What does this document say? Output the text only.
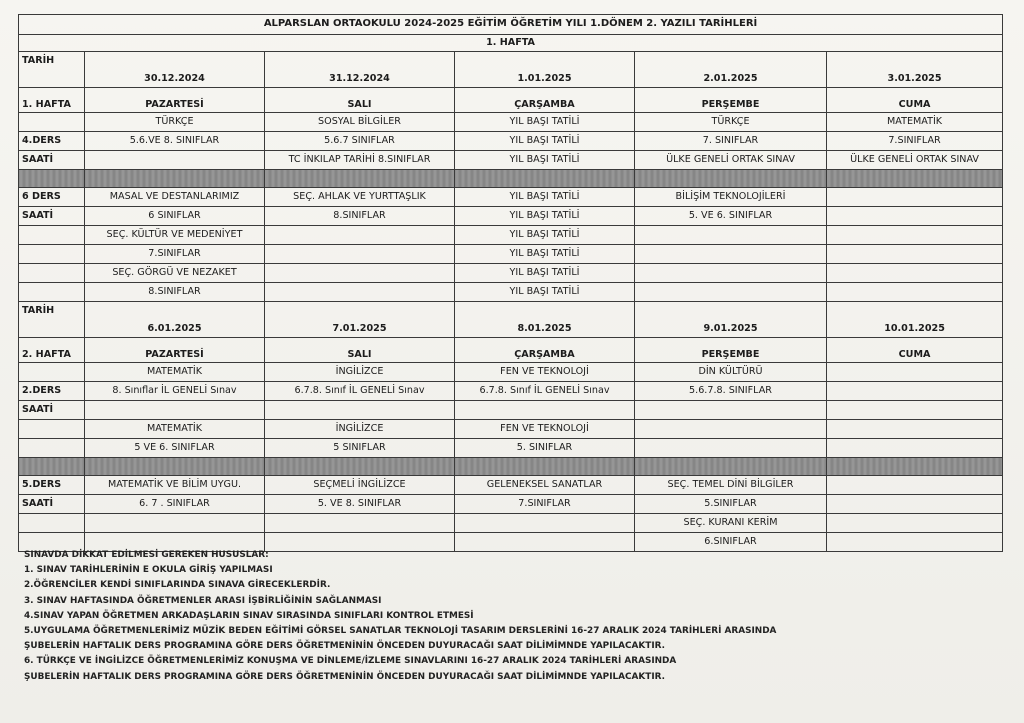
ALPARSLAN ORTAOKULU 2024-2025 EĞİTİM ÖĞRETİM YILI 1.DÖNEM 2. YAZILI TARİHLERİ					
1. HAFTA					
TARİH	30.12.2024	31.12.2024	1.01.2025	2.01.2025	3.01.2025
1. HAFTA	PAZARTESİ	SALI	ÇARŞAMBA	PERŞEMBE	CUMA
	TÜRKÇE	SOSYAL BİLGİLER	YIL BAŞI TATİLİ	TÜRKÇE	MATEMATİK
4.DERS	5.6.VE 8. SINIFLAR	5.6.7 SINIFLAR	YIL BAŞI TATİLİ	7. SINIFLAR	7.SINIFLAR
SAATİ		TC İNKILAP TARİHİ 8.SINIFLAR	YIL BAŞI TATİLİ	ÜLKE GENELİ ORTAK SINAV	ÜLKE GENELİ ORTAK SINAV

6 DERS	MASAL VE DESTANLARIMIZ	SEÇ. AHLAK VE YURTTAŞLIK	YIL BAŞI TATİLİ	BİLİŞİM TEKNOLOJİLERİ	
SAATİ	6 SINIFLAR	8.SINIFLAR	YIL BAŞI TATİLİ	5. VE 6. SINIFLAR	
	SEÇ. KÜLTÜR VE MEDENİYET		YIL BAŞI TATİLİ		
	7.SINIFLAR		YIL BAŞI TATİLİ		
	SEÇ. GÖRGÜ VE NEZAKET		YIL BAŞI TATİLİ		
	8.SINIFLAR		YIL BAŞI TATİLİ		
TARİH	6.01.2025	7.01.2025	8.01.2025	9.01.2025	10.01.2025
2. HAFTA	PAZARTESİ	SALI	ÇARŞAMBA	PERŞEMBE	CUMA
	MATEMATİK	İNGİLİZCE	FEN VE TEKNOLOJİ	DİN KÜLTÜRÜ	
2.DERS	8. Sınıflar İL GENELİ Sınav	6.7.8. Sınıf İL GENELİ Sınav	6.7.8. Sınıf İL GENELİ Sınav	5.6.7.8. SINIFLAR	
SAATİ					
	MATEMATİK	İNGİLİZCE	FEN VE TEKNOLOJİ		
	5 VE 6. SINIFLAR	5 SINIFLAR	5. SINIFLAR		

5.DERS	MATEMATİK VE BİLİM UYGU.	SEÇMELİ İNGİLİZCE	GELENEKSEL SANATLAR	SEÇ. TEMEL DİNİ BİLGİLER	
SAATİ	6. 7 . SINIFLAR	5. VE 8. SINIFLAR	7.SINIFLAR	5.SINIFLAR	
				SEÇ. KURANI KERİM	
				6.SINIFLAR	
SINAVDA DİKKAT EDİLMESİ GEREKEN HUSUSLAR:
1. SINAV TARİHLERİNİN E OKULA GİRİŞ YAPILMASI
2.ÖĞRENCİLER KENDİ SINIFLARINDA SINAVA GİRECEKLERDİR.
3. SINAV HAFTASINDA ÖĞRETMENLER ARASI İŞBİRLİĞİNİN SAĞLANMASI
4.SINAV YAPAN ÖĞRETMEN ARKADAŞLARIN SINAV SIRASINDA SINIFLARI KONTROL ETMESİ
5.UYGULAMA ÖĞRETMENLERİMİZ MÜZİK BEDEN EĞİTİMİ GÖRSEL SANATLAR TEKNOLOJİ TASARIM DERSLERİNİ 16-27 ARALIK 2024 TARİHLERİ ARASINDA
ŞUBELERİN HAFTALIK DERS PROGRAMINA GÖRE DERS ÖĞRETMENİNİN ÖNCEDEN DUYURACAĞI SAAT DİLİMİMNDE YAPILACAKTIR.
6. TÜRKÇE VE İNGİLİZCE ÖĞRETMENLERİMİZ KONUŞMA VE DİNLEME/İZLEME SINAVLARINI 16-27 ARALIK 2024 TARİHLERİ ARASINDA
ŞUBELERİN HAFTALIK DERS PROGRAMINA GÖRE DERS ÖĞRETMENİNİN ÖNCEDEN DUYURACAĞI SAAT DİLİMİMNDE YAPILACAKTIR.
